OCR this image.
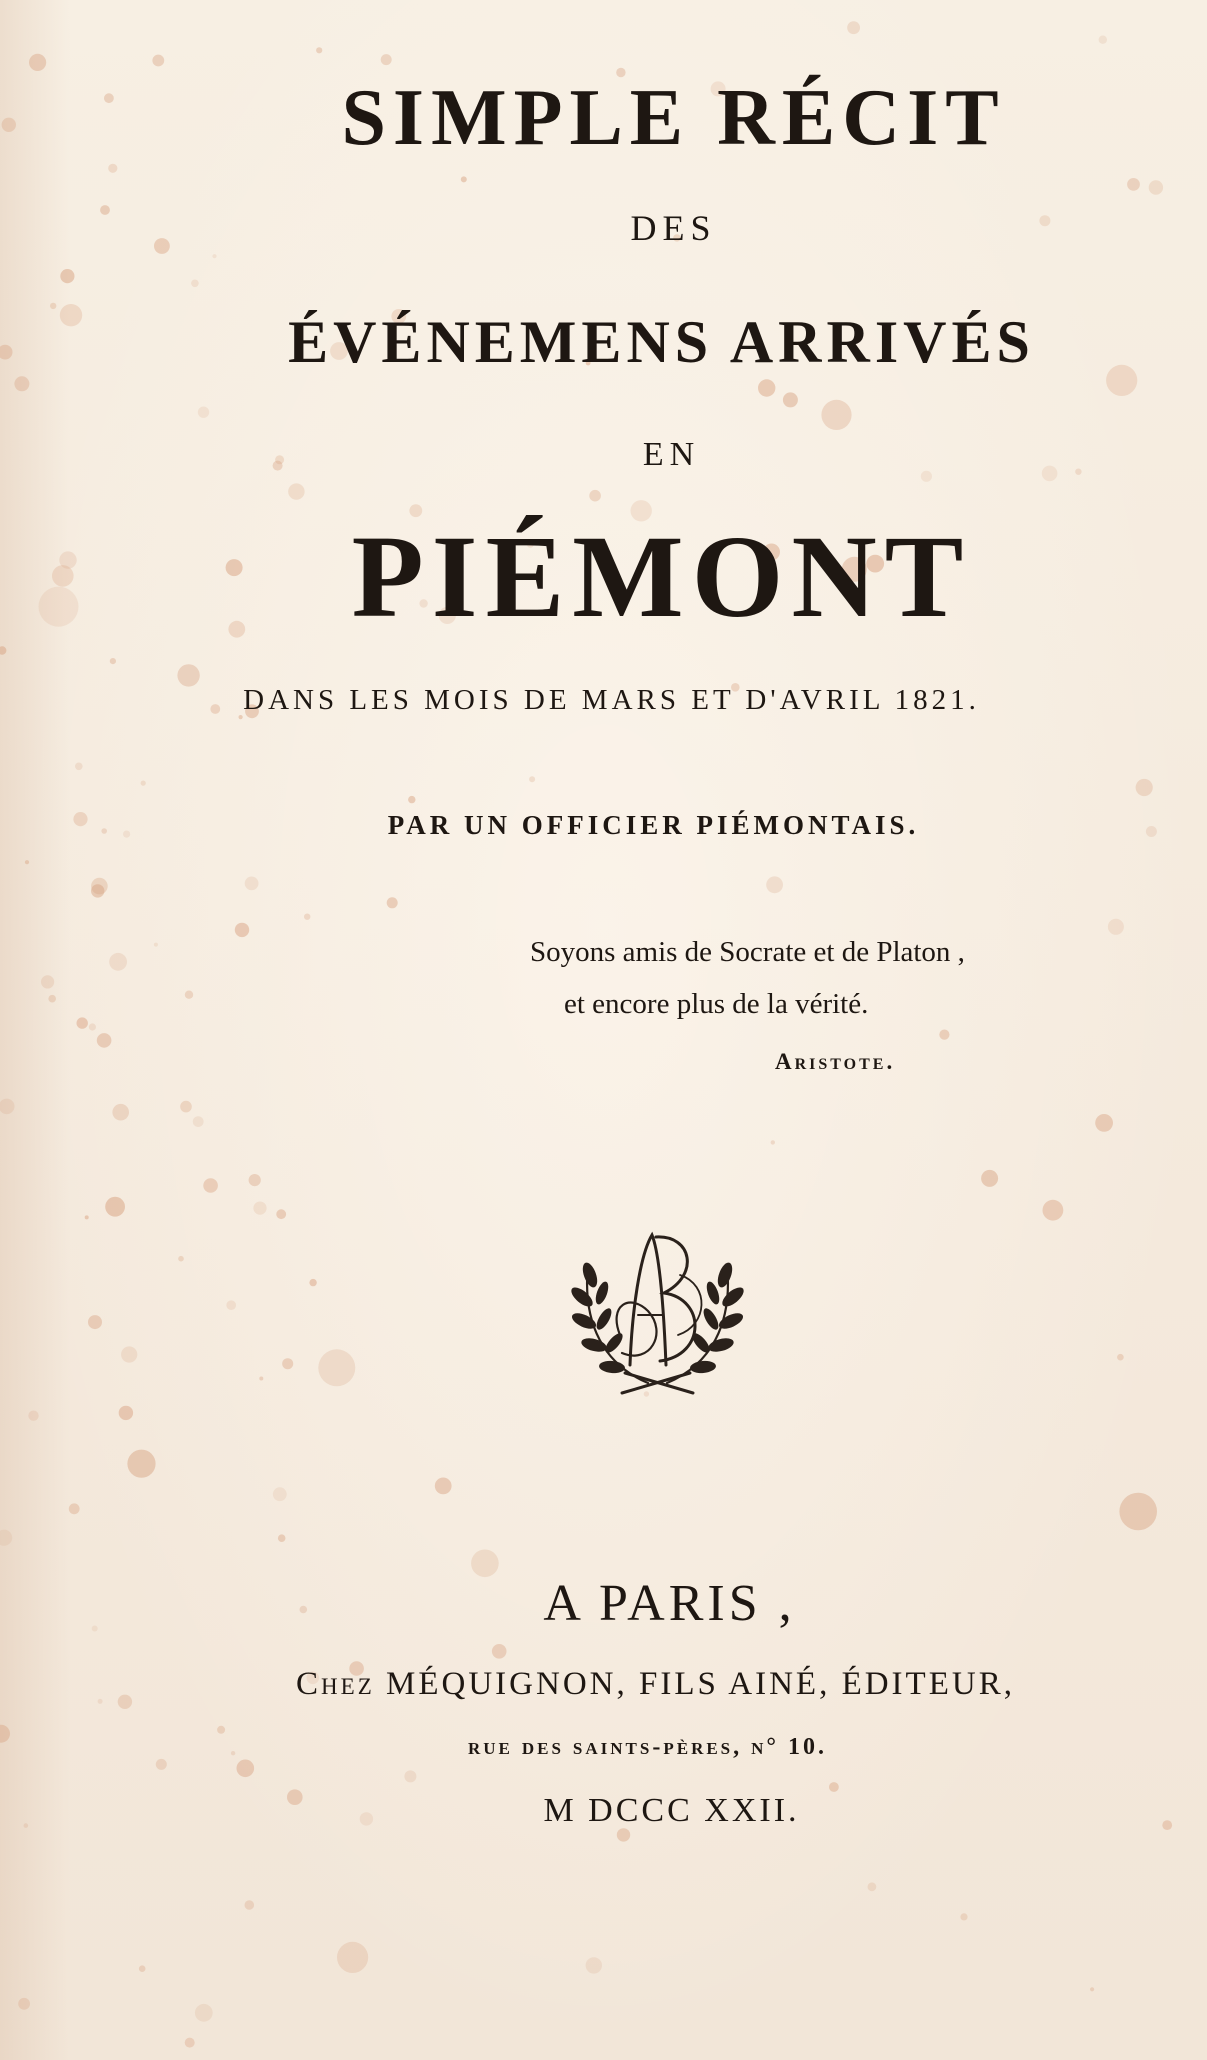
SIMPLE RÉCIT
DES
ÉVÉNEMENS ARRIVÉS
EN
PIÉMONT
DANS LES MOIS DE MARS ET D'AVRIL 1821.
PAR UN OFFICIER PIÉMONTAIS.
Soyons amis de Socrate et de Platon ,
et encore plus de la vérité.
Aristote.
A PARIS ,
Chez MÉQUIGNON, FILS AINÉ, ÉDITEUR,
rue des saints-pères, n° 10.
M DCCC XXII.
